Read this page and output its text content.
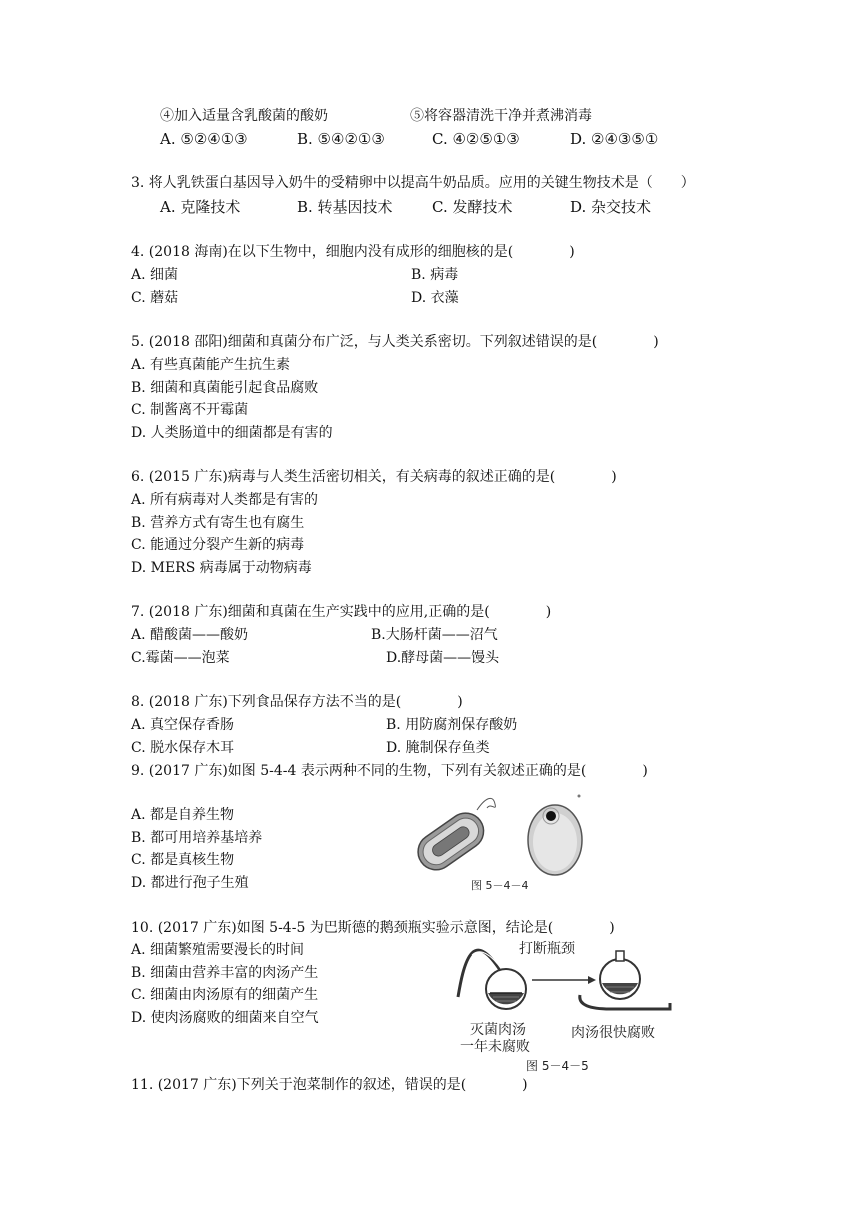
④加入适量含乳酸菌的酸奶	⑤将容器清洗干净并煮沸消毒
A. ⑤②④①③	B. ⑤④②①③	C. ④②⑤①③	D. ②④③⑤①
3. 将人乳铁蛋白基因导入奶牛的受精卵中以提高牛奶品质。应用的关键生物技术是（　　）
A. 克隆技术	B. 转基因技术	C. 发酵技术	D. 杂交技术
4. (2018 海南)在以下生物中，细胞内没有成形的细胞核的是(　　　　)
A. 细菌	B. 病毒
C. 蘑菇	D. 衣藻
5. (2018 邵阳)细菌和真菌分布广泛，与人类关系密切。下列叙述错误的是(　　　　)
A. 有些真菌能产生抗生素
B. 细菌和真菌能引起食品腐败
C. 制酱离不开霉菌
D. 人类肠道中的细菌都是有害的
6. (2015 广东)病毒与人类生活密切相关，有关病毒的叙述正确的是(　　　　)
A. 所有病毒对人类都是有害的
B. 营养方式有寄生也有腐生
C. 能通过分裂产生新的病毒
D. MERS 病毒属于动物病毒
7. (2018 广东)细菌和真菌在生产实践中的应用,正确的是(　　　　)
A. 醋酸菌——酸奶	B.大肠杆菌——沼气
C.霉菌——泡菜	D.酵母菌——馒头
8. (2018 广东)下列食品保存方法不当的是(　　　　)
A. 真空保存香肠	B. 用防腐剂保存酸奶
C. 脱水保存木耳	D. 腌制保存鱼类
9. (2017 广东)如图 5-4-4 表示两种不同的生物，下列有关叙述正确的是(　　　　)
A. 都是自养生物
B. 都可用培养基培养
C. 都是真核生物
D. 都进行孢子生殖	图 5－4－4
10. (2017 广东)如图 5-4-5 为巴斯德的鹅颈瓶实验示意图，结论是(　　　　)
A. 细菌繁殖需要漫长的时间
B. 细菌由营养丰富的肉汤产生
C. 细菌由肉汤原有的细菌产生
D. 使肉汤腐败的细菌来自空气
打断瓶颈
灭菌肉汤
一年未腐败
肉汤很快腐败
图 5－4－5
11. (2017 广东)下列关于泡菜制作的叙述，错误的是(　　　　)
